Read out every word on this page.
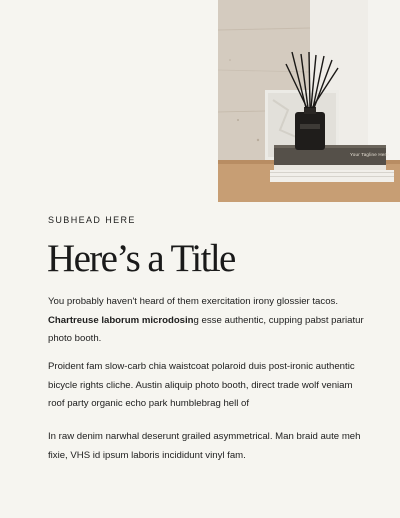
Your Tagline Here
SUBHEAD HERE
Here’s a Title

You probably haven't heard of them exercitation irony glossier tacos. Chartreuse laborum microdosing esse authentic, cupping pabst pariatur photo booth.

Proident fam slow-carb chia waistcoat polaroid duis post-ironic authentic bicycle rights cliche. Austin aliquip photo booth, direct trade wolf veniam roof party organic echo park humblebrag hell of

In raw denim narwhal deserunt grailed asymmetrical. Man braid aute meh fixie, VHS id ipsum laboris incididunt vinyl fam.
